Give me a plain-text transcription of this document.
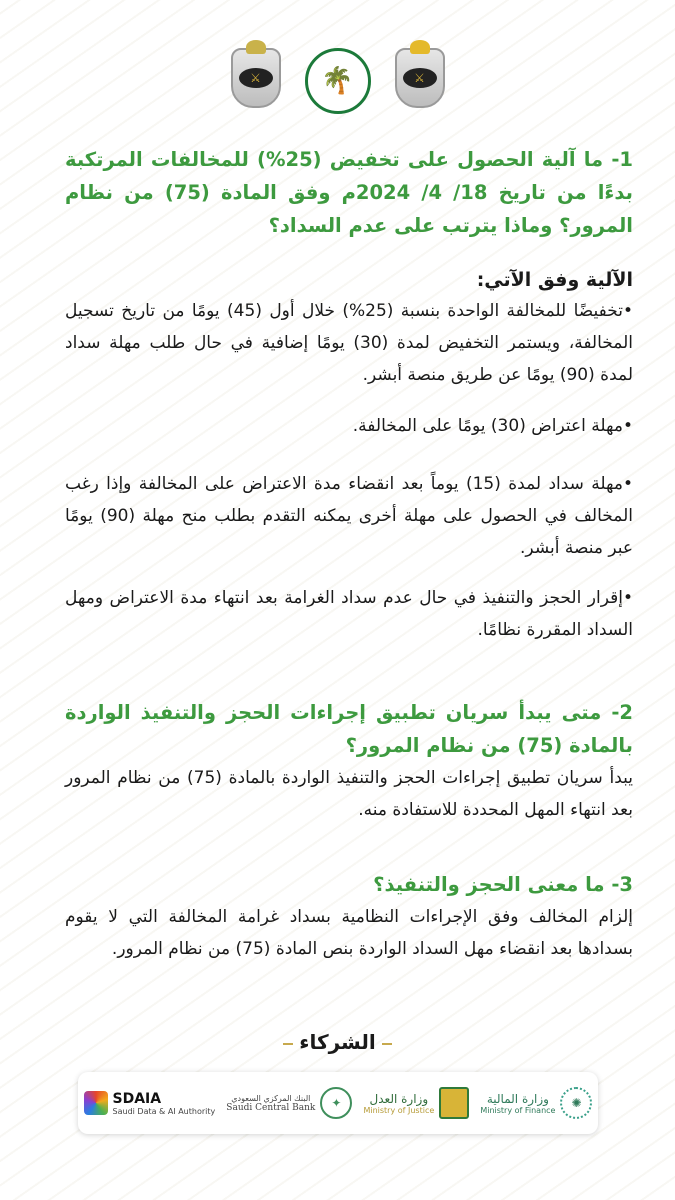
⚔	🌴	⚔
1- ما آلية الحصول على تخفيض (25%) للمخالفات المرتكبة بدءًا من تاريخ 18/ 4/ 2024م وفق المادة (75) من نظام المرور؟ وماذا يترتب على عدم السداد؟
الآلية وفق الآتي:
•تخفيضًا للمخالفة الواحدة بنسبة (25%) خلال أول (45) يومًا من تاريخ تسجيل المخالفة، ويستمر التخفيض لمدة (30) يومًا إضافية في حال طلب مهلة سداد لمدة (90) يومًا عن طريق منصة أبشر.
•مهلة اعتراض (30) يومًا على المخالفة.
•مهلة سداد لمدة (15) يوماً بعد انقضاء مدة الاعتراض على المخالفة وإذا رغب المخالف في الحصول على مهلة أخرى يمكنه التقدم بطلب منح مهلة (90) يومًا عبر منصة أبشر.
•إقرار الحجز والتنفيذ في حال عدم سداد الغرامة بعد انتهاء مدة الاعتراض ومهل السداد المقررة نظامًا.
2- متى يبدأ سريان تطبيق إجراءات الحجز والتنفيذ الواردة بالمادة (75) من نظام المرور؟
يبدأ سريان تطبيق إجراءات الحجز والتنفيذ الواردة بالمادة (75) من نظام المرور بعد انتهاء المهل المحددة للاستفادة منه.
3- ما معنى الحجز والتنفيذ؟
إلزام المخالف وفق الإجراءات النظامية بسداد غرامة المخالفة التي لا يقوم بسدادها بعد انقضاء مهل السداد الواردة بنص المادة (75) من نظام المرور.
الشركاء
SDAIA
Saudi Data & AI Authority
البنك المركزي السعودي
Saudi Central Bank	✦	وزارة العدل
Ministry of Justice
وزارة المالية
Ministry of Finance	✺
